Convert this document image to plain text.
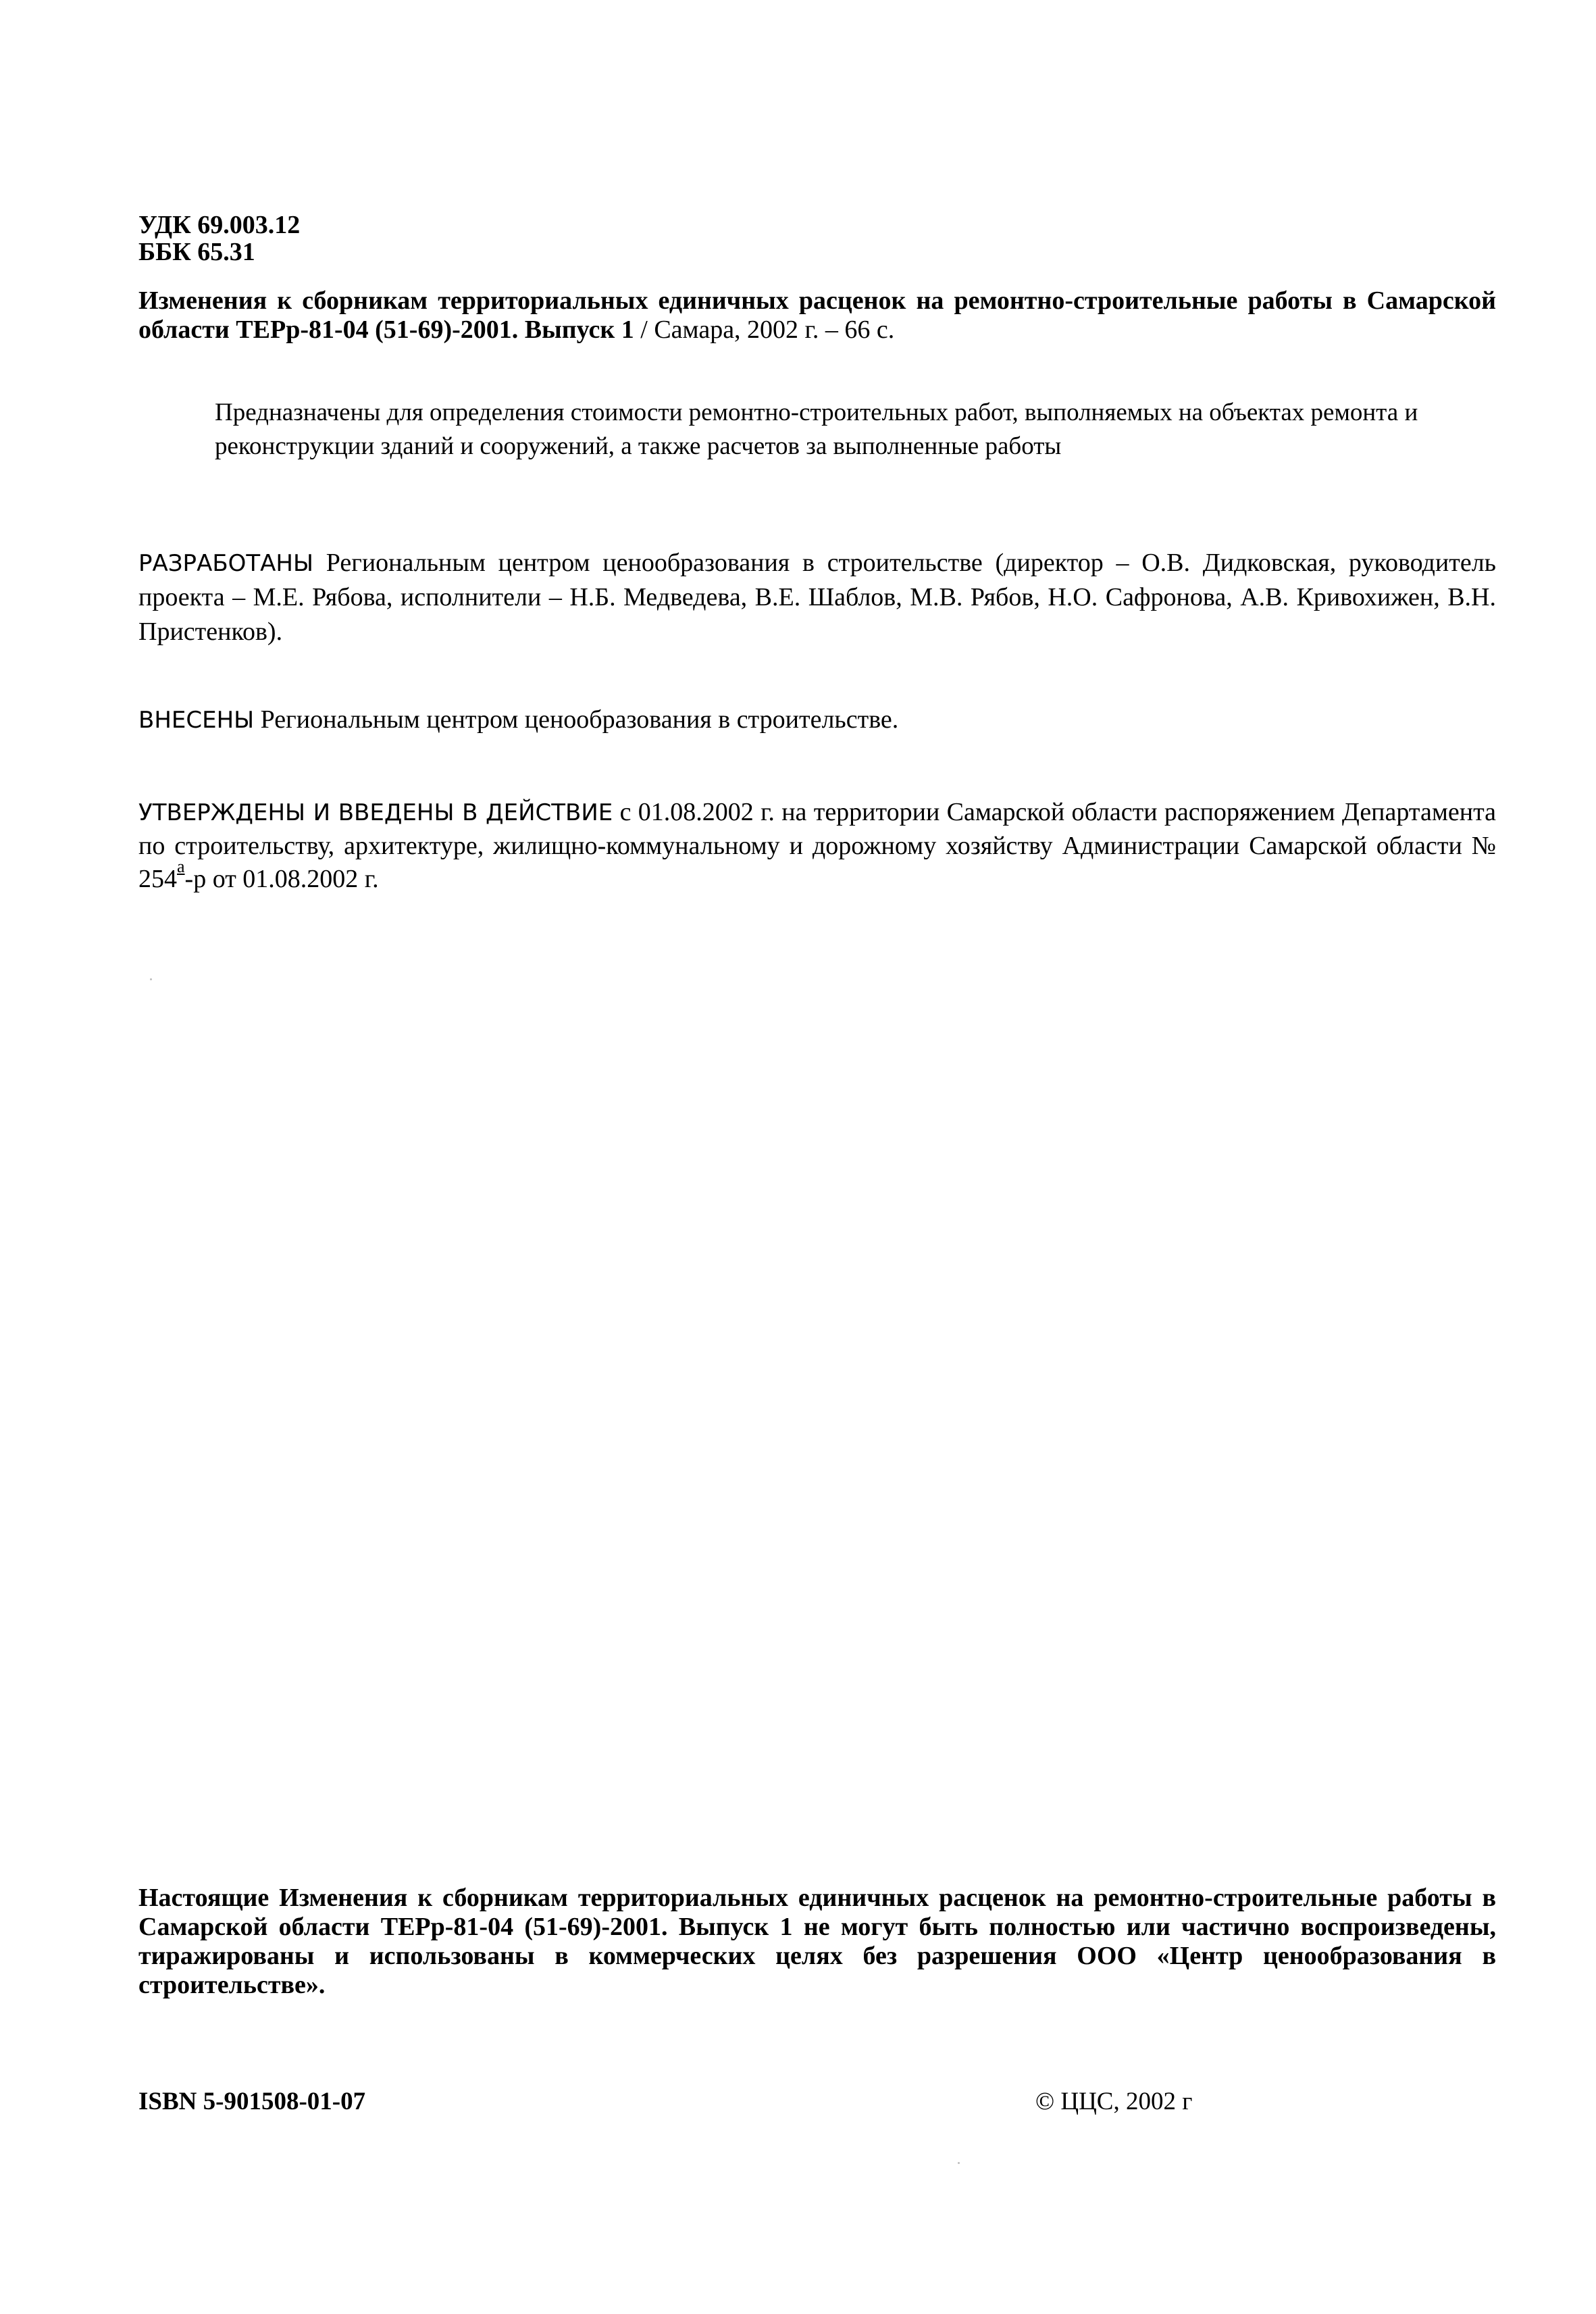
УДК 69.003.12
ББК 65.31
Изменения к сборникам территориальных единичных расценок на ремонтно-строительные работы в Самарской области ТЕРр-81-04 (51-69)-2001. Выпуск 1 / Самара, 2002 г. – 66 с.
Предназначены для определения стоимости ремонтно-строительных работ, выполняемых на объектах ремонта и реконструкции зданий и сооружений, а также расчетов за выполненные работы
РАЗРАБОТАНЫ Региональным центром ценообразования в строительстве (директор – О.В. Дидковская, руководитель проекта – М.Е. Рябова, исполнители – Н.Б. Медведева, В.Е. Шаблов, М.В. Рябов, Н.О. Сафронова, А.В. Кривохижен, В.Н. Пристенков).
ВНЕСЕНЫ Региональным центром ценообразования в строительстве.
УТВЕРЖДЕНЫ И ВВЕДЕНЫ В ДЕЙСТВИЕ с 01.08.2002 г. на территории Самарской области распоряжением Департамента по строительству, архитектуре, жилищно-коммунальному и дорожному хозяйству Администрации Самарской области № $254^а-р$ от 01.08.2002 г.
Настоящие Изменения к сборникам территориальных единичных расценок на ремонтно-строительные работы в Самарской области ТЕРр-81-04 (51-69)-2001. Выпуск 1 не могут быть полностью или частично воспроизведены, тиражированы и использованы в коммерческих целях без разрешения ООО «Центр ценообразования в строительстве».
ISBN 5-901508-01-07	© ЦЦС, 2002 г
